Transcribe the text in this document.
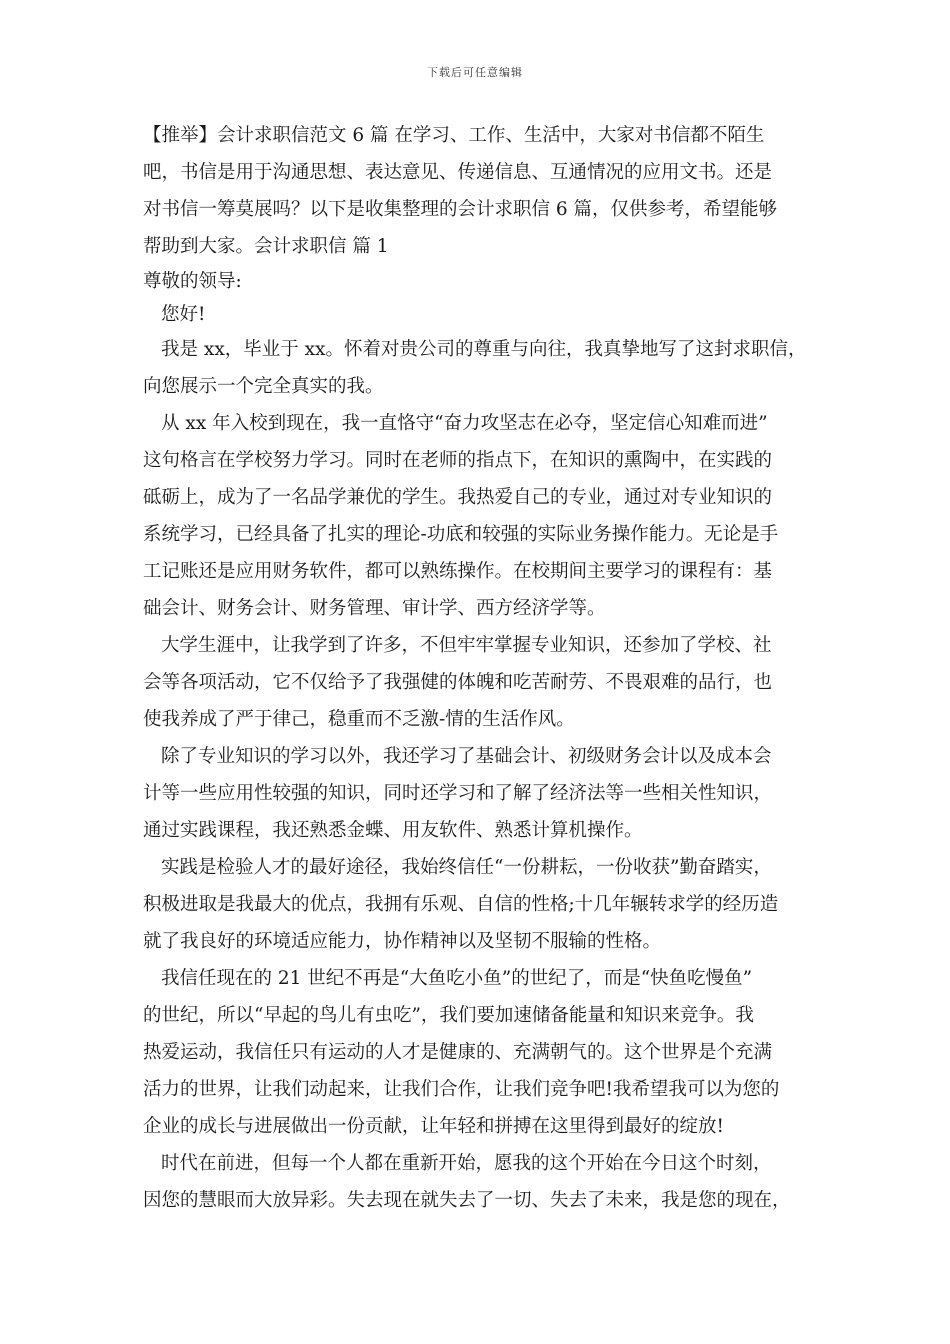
下载后可任意编辑
【推举】会计求职信范文 6 篇 在学习、工作、生活中，大家对书信都不陌生
吧，书信是用于沟通思想、表达意见、传递信息、互通情况的应用文书。还是
对书信一筹莫展吗？以下是收集整理的会计求职信 6 篇，仅供参考，希望能够
帮助到大家。会计求职信 篇 1
尊敬的领导:
您好!
我是 xx，毕业于 xx。怀着对贵公司的尊重与向往，我真挚地写了这封求职信，
向您展示一个完全真实的我。
从 xx 年入校到现在，我一直恪守“奋力攻坚志在必夺，坚定信心知难而进”
这句格言在学校努力学习。同时在老师的指点下，在知识的熏陶中，在实践的
砥砺上，成为了一名品学兼优的学生。我热爱自己的专业，通过对专业知识的
系统学习，已经具备了扎实的理论-功底和较强的实际业务操作能力。无论是手
工记账还是应用财务软件，都可以熟练操作。在校期间主要学习的课程有：基
础会计、财务会计、财务管理、审计学、西方经济学等。
大学生涯中，让我学到了许多，不但牢牢掌握专业知识，还参加了学校、社
会等各项活动，它不仅给予了我强健的体魄和吃苦耐劳、不畏艰难的品行，也
使我养成了严于律己，稳重而不乏激-情的生活作风。
除了专业知识的学习以外，我还学习了基础会计、初级财务会计以及成本会
计等一些应用性较强的知识，同时还学习和了解了经济法等一些相关性知识，
通过实践课程，我还熟悉金蝶、用友软件、熟悉计算机操作。
实践是检验人才的最好途径，我始终信任“一份耕耘，一份收获”勤奋踏实，
积极进取是我最大的优点，我拥有乐观、自信的性格;十几年辗转求学的经历造
就了我良好的环境适应能力，协作精神以及坚韧不服输的性格。
我信任现在的 21 世纪不再是“大鱼吃小鱼”的世纪了，而是“快鱼吃慢鱼”
的世纪，所以“早起的鸟儿有虫吃”，我们要加速储备能量和知识来竞争。我
热爱运动，我信任只有运动的人才是健康的、充满朝气的。这个世界是个充满
活力的世界，让我们动起来，让我们合作，让我们竞争吧!我希望我可以为您的
企业的成长与进展做出一份贡献，让年轻和拼搏在这里得到最好的绽放!
时代在前进，但每一个人都在重新开始，愿我的这个开始在今日这个时刻，
因您的慧眼而大放异彩。失去现在就失去了一切、失去了未来，我是您的现在，
